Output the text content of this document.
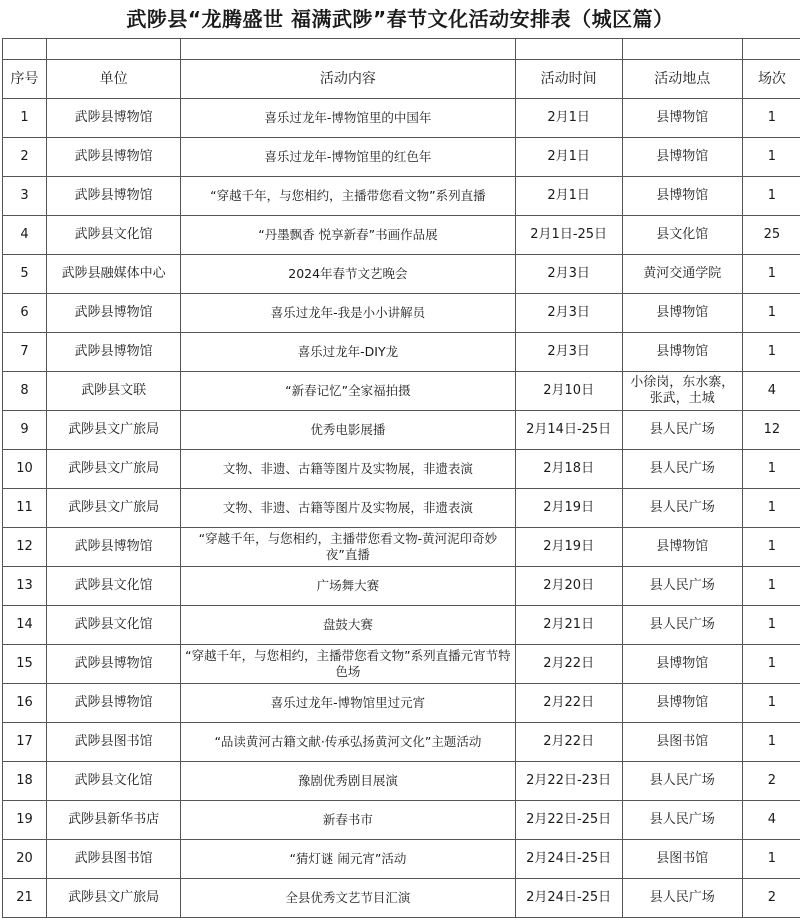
武陟县“龙腾盛世 福满武陟”春节文化活动安排表（城区篇）

序号	单位	活动内容	活动时间	活动地点	场次
1	武陟县博物馆	喜乐过龙年-博物馆里的中国年	2月1日	县博物馆	1
2	武陟县博物馆	喜乐过龙年-博物馆里的红色年	2月1日	县博物馆	1
3	武陟县博物馆	“穿越千年，与您相约，主播带您看文物”系列直播	2月1日	县博物馆	1
4	武陟县文化馆	“丹墨飘香 悦享新春”书画作品展	2月1日-25日	县文化馆	25
5	武陟县融媒体中心	2024年春节文艺晚会	2月3日	黄河交通学院	1
6	武陟县博物馆	喜乐过龙年-我是小小讲解员	2月3日	县博物馆	1
7	武陟县博物馆	喜乐过龙年-DIY龙	2月3日	县博物馆	1
8	武陟县文联	“新春记忆”全家福拍摄	2月10日	小徐岗，东水寨，张武，土城	4
9	武陟县文广旅局	优秀电影展播	2月14日-25日	县人民广场	12
10	武陟县文广旅局	文物、非遗、古籍等图片及实物展，非遗表演	2月18日	县人民广场	1
11	武陟县文广旅局	文物、非遗、古籍等图片及实物展，非遗表演	2月19日	县人民广场	1
12	武陟县博物馆	“穿越千年，与您相约，主播带您看文物-黄河泥印奇妙夜”直播	2月19日	县博物馆	1
13	武陟县文化馆	广场舞大赛	2月20日	县人民广场	1
14	武陟县文化馆	盘鼓大赛	2月21日	县人民广场	1
15	武陟县博物馆	“穿越千年，与您相约，主播带您看文物”系列直播元宵节特色场	2月22日	县博物馆	1
16	武陟县博物馆	喜乐过龙年-博物馆里过元宵	2月22日	县博物馆	1
17	武陟县图书馆	“品读黄河古籍文献·传承弘扬黄河文化”主题活动	2月22日	县图书馆	1
18	武陟县文化馆	豫剧优秀剧目展演	2月22日-23日	县人民广场	2
19	武陟县新华书店	新春书市	2月22日-25日	县人民广场	4
20	武陟县图书馆	“猜灯谜 闹元宵”活动	2月24日-25日	县图书馆	1
21	武陟县文广旅局	全县优秀文艺节目汇演	2月24日-25日	县人民广场	2
